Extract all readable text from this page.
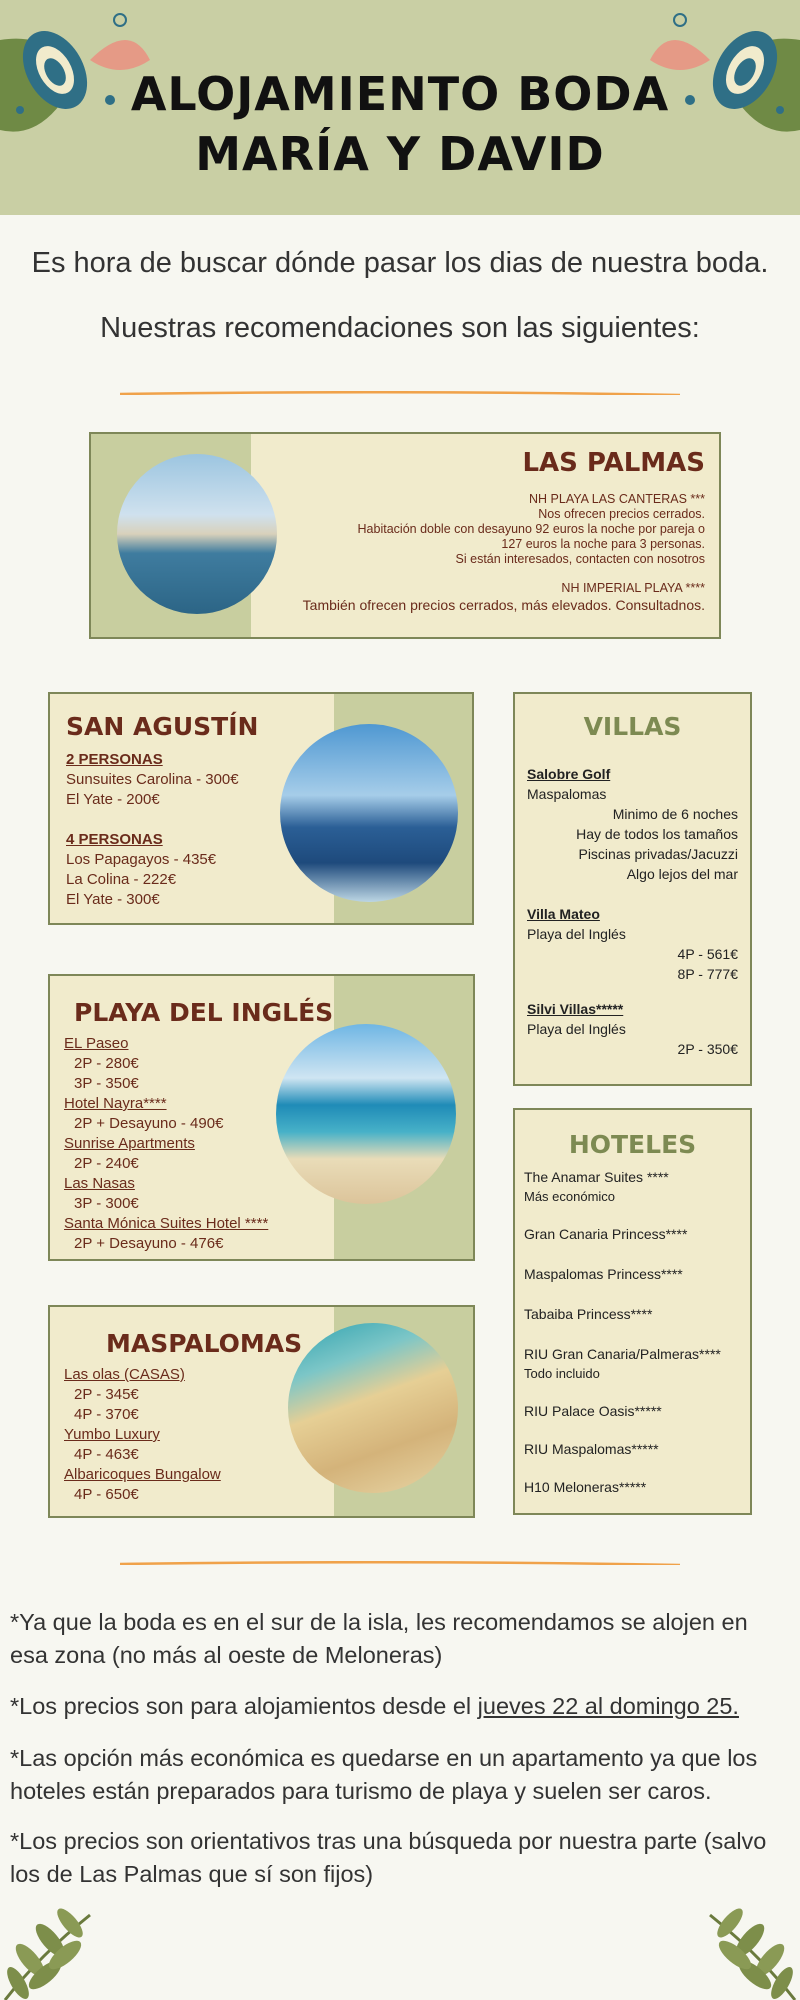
ALOJAMIENTO BODA
MARÍA Y DAVID
Es hora de buscar dónde pasar los dias de nuestra boda.
Nuestras recomendaciones son las siguientes:
LAS PALMAS
NH PLAYA LAS CANTERAS ***
Nos ofrecen precios cerrados.
Habitación doble con desayuno 92 euros la noche por pareja o
127 euros la noche para 3 personas.
Si están interesados, contacten con nosotros
NH IMPERIAL PLAYA ****
También ofrecen precios cerrados, más elevados. Consultadnos.
SAN AGUSTÍN
2 PERSONAS
Sunsuites Carolina - 300€
El Yate - 200€
4 PERSONAS
Los Papagayos - 435€
La Colina - 222€
El Yate - 300€
PLAYA DEL INGLÉS
EL Paseo
2P - 280€
3P - 350€
Hotel Nayra****
2P + Desayuno - 490€
Sunrise Apartments
2P - 240€
Las Nasas
3P - 300€
Santa Mónica Suites Hotel ****
2P + Desayuno - 476€
MASPALOMAS
Las olas (CASAS)
2P - 345€
4P - 370€
Yumbo Luxury
4P - 463€
Albaricoques Bungalow
4P - 650€
VILLAS
Salobre Golf
Maspalomas
Minimo de 6 noches
Hay de todos los tamaños
Piscinas privadas/Jacuzzi
Algo lejos del mar
Villa Mateo
Playa del Inglés
4P - 561€
8P - 777€
Silvi Villas*****
Playa del Inglés
2P - 350€
HOTELES
The Anamar Suites ****
Más económico
Gran Canaria Princess****
Maspalomas Princess****
Tabaiba Princess****
RIU Gran Canaria/Palmeras****
Todo incluido
RIU Palace Oasis*****
RIU Maspalomas*****
H10 Meloneras*****
*Ya que la boda es en el sur de la isla, les recomendamos se alojen en
esa zona (no más al oeste de Meloneras)
*Los precios son para alojamientos desde el jueves 22 al domingo 25.
*Las opción más económica es quedarse en un apartamento ya que los
hoteles están preparados para turismo de playa y suelen ser caros.
*Los precios son orientativos tras una búsqueda por nuestra parte (salvo
los de Las Palmas que sí son fijos)
